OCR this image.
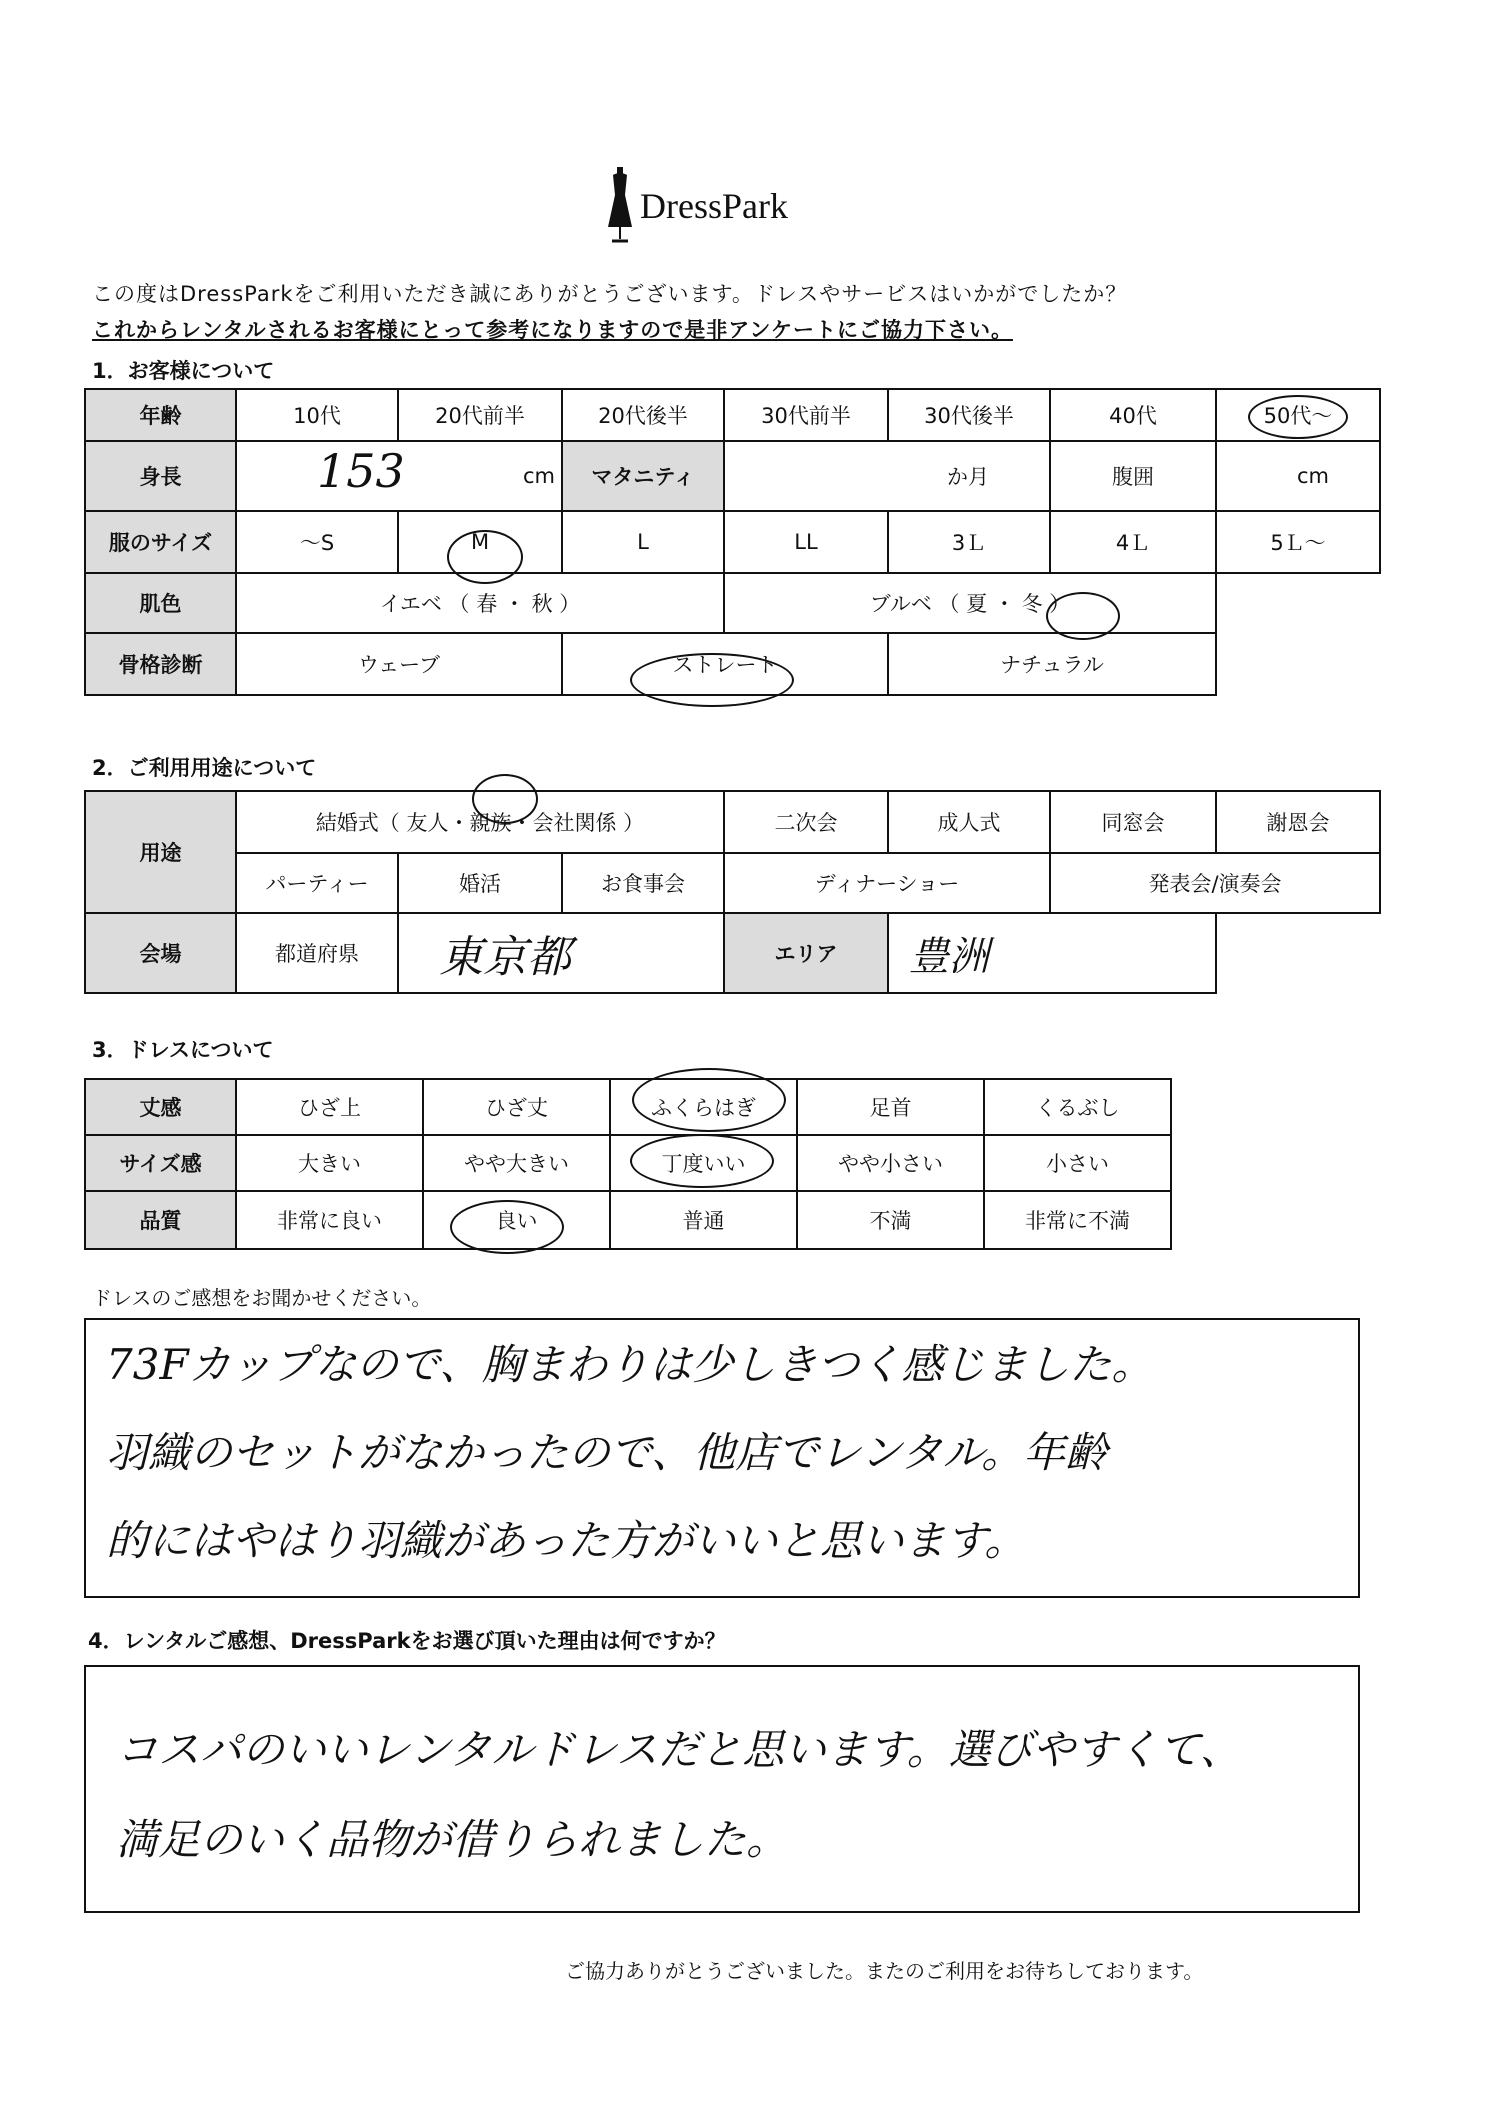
DressPark
この度はDressParkをご利用いただき誠にありがとうございます。ドレスやサービスはいかがでしたか？
これからレンタルされるお客様にとって参考になりますので是非アンケートにご協力下さい。
1．お客様について
年齢	10代	20代前半	20代後半	30代前半	30代後半	40代	50代～
身長	153 cm		マタニティ	か月		腹囲	cm
服のサイズ	～S	M	L	LL	3Ｌ	4Ｌ	5Ｌ～
肌色	イエベ （ 春 ・ 秋 ）			ブルベ （ 夏 ・ 冬 ）			
骨格診断	ウェーブ		ストレート		ナチュラル		
2．ご利用用途について
用途	結婚式（ 友人・親族・会社関係 ）			二次会	成人式	同窓会	謝恩会
	パーティー	婚活	お食事会	ディナーショー		発表会/演奏会	
会場	都道府県	東京都		エリア	豊洲		
3．ドレスについて
丈感	ひざ上	ひざ丈	ふくらはぎ	足首	くるぶし
サイズ感	大きい	やや大きい	丁度いい	やや小さい	小さい
品質	非常に良い	良い	普通	不満	非常に不満
ドレスのご感想をお聞かせください。
73Fカップなので、胸まわりは少しきつく感じました。
羽織のセットがなかったので、他店でレンタル。年齢
的にはやはり羽織があった方がいいと思います。
4．レンタルご感想、DressParkをお選び頂いた理由は何ですか？
コスパのいいレンタルドレスだと思います。選びやすくて、
満足のいく品物が借りられました。
ご協力ありがとうございました。またのご利用をお待ちしております。
